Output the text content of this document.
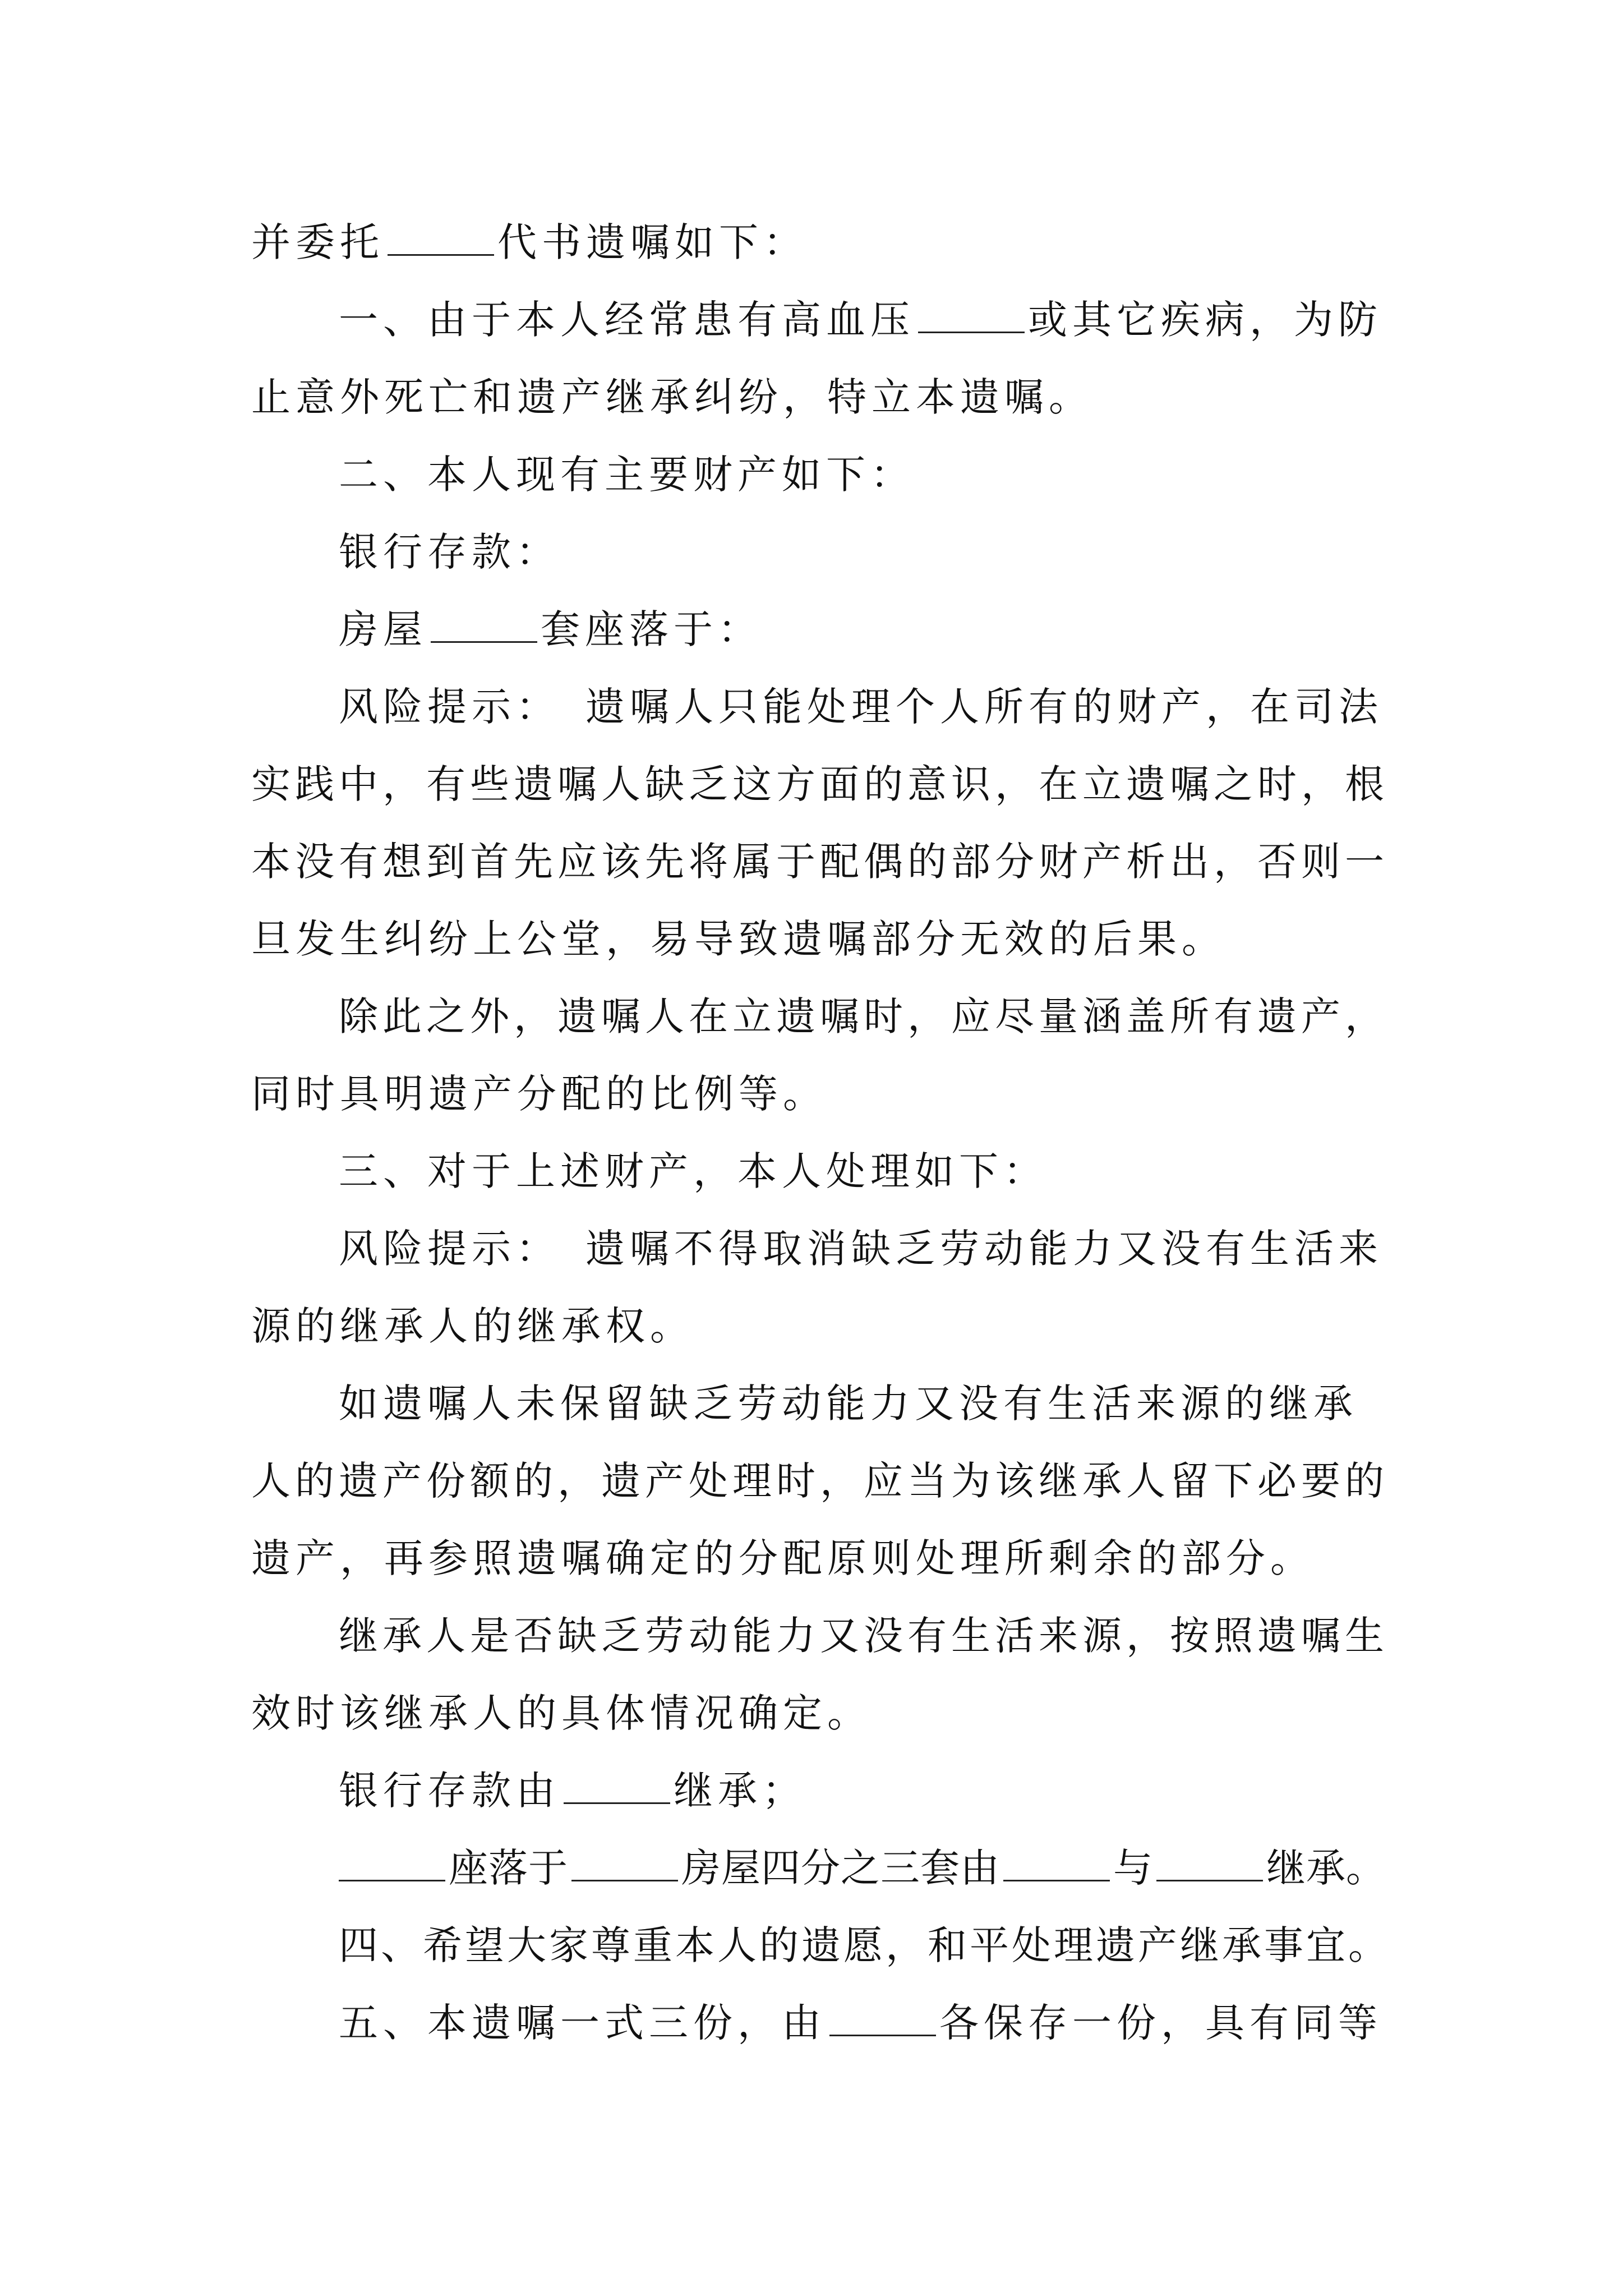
并委托	代书遗嘱如下：
一、由于本人经常患有高血压	或其它疾病，为防
止意外死亡和遗产继承纠纷，特立本遗嘱。
二、本人现有主要财产如下：
银行存款：
房屋	套座落于：
风险提示： 遗嘱人只能处理个人所有的财产，在司法
实践中，有些遗嘱人缺乏这方面的意识，在立遗嘱之时，根
本没有想到首先应该先将属于配偶的部分财产析出，否则一
旦发生纠纷上公堂，易导致遗嘱部分无效的后果。
除此之外，遗嘱人在立遗嘱时，应尽量涵盖所有遗产，
同时具明遗产分配的比例等。
三、对于上述财产，本人处理如下：
风险提示： 遗嘱不得取消缺乏劳动能力又没有生活来
源的继承人的继承权。
如遗嘱人未保留缺乏劳动能力又没有生活来源的继承
人的遗产份额的，遗产处理时，应当为该继承人留下必要的
遗产，再参照遗嘱确定的分配原则处理所剩余的部分。
继承人是否缺乏劳动能力又没有生活来源，按照遗嘱生
效时该继承人的具体情况确定。
银行存款由	继承；
座落于	房屋四分之三套由	与	继承。
四、希望大家尊重本人的遗愿，和平处理遗产继承事宜。
五、本遗嘱一式三份，由	各保存一份，具有同等
